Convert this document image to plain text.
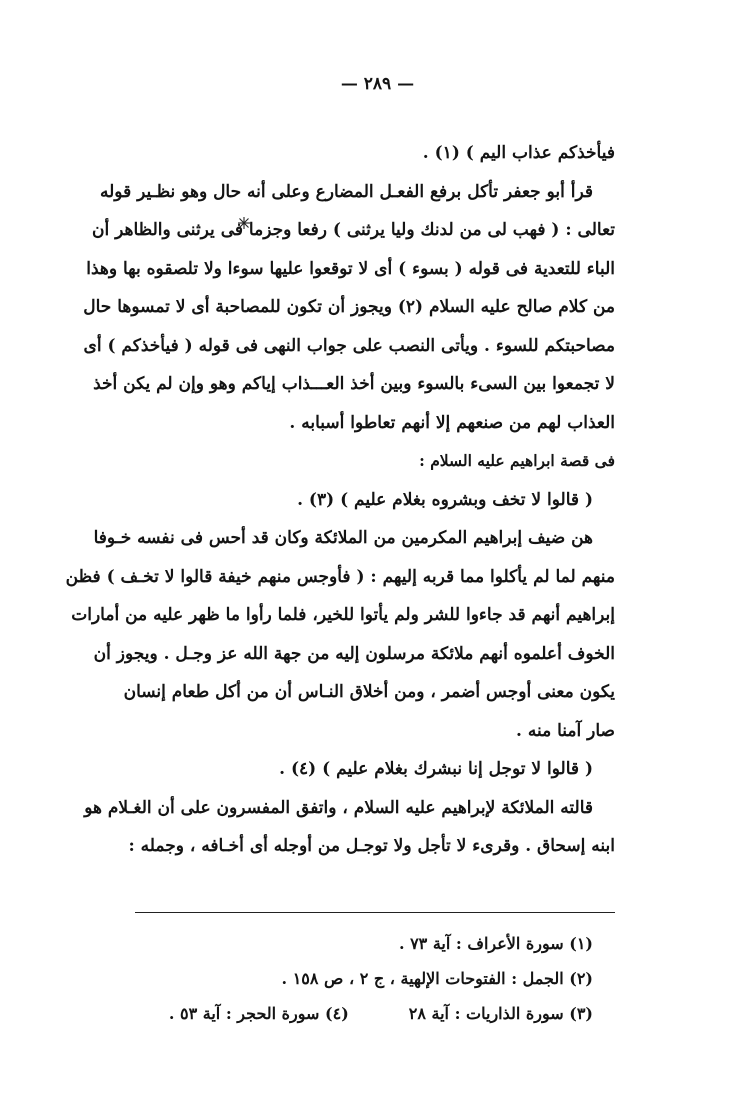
— ٢٨٩ —
فيأخذكم عذاب اليم ) (١) .
قرأ أبو جعفر تأكل برفع الفعـل المضارع وعلى أنه حال وهو نظـير قوله
تعالى : ( فهب لى من لدنك وليا يرثنى ) رفعا وجزما فى يرثنى والظاهر أن
الباء للتعدية فى قوله ( بسوء ) أى لا توقعوا عليها سوءا ولا تلصقوه بها وهذا
من كلام صالح عليه السلام (٢) ويجوز أن تكون للمصاحبة أى لا تمسوها حال
مصاحبتكم للسوء . ويأتى النصب على جواب النهى فى قوله ( فيأخذكم ) أى
لا تجمعوا بين السىء بالسوء وبين أخذ العـــذاب إياكم وهو وإن لم يكن أخذ
العذاب لهم من صنعهم إلا أنهم تعاطوا أسبابه .
فى قصة ابراهيم عليه السلام :
( قالوا لا تخف وبشروه بغلام عليم ) (٣) .
هن ضيف إبراهيم المكرمين من الملائكة وكان قد أحس فى نفسه خـوفا
منهم لما لم يأكلوا مما قربه إليهم : ( فأوجس منهم خيفة قالوا لا تخـف ) فظن
إبراهيم أنهم قد جاءوا للشر ولم يأتوا للخير، فلما رأوا ما ظهر عليه من أمارات
الخوف أعلموه أنهم ملائكة مرسلون إليه من جهة الله عز وجـل . ويجوز أن
يكون معنى أوجس أضمر ، ومن أخلاق النـاس أن من أكل طعام إنسان
صار آمنا منه .
( قالوا لا توجل إنا نبشرك بغلام عليم ) (٤) .
قالته الملائكة لإبراهيم عليه السلام ، واتفق المفسرون على أن الغـلام هو
ابنه إسحاق . وقرىء لا تأجل ولا توجـل من أوجله أى أخـافه ، وجمله :
(١) سورة الأعراف : آية ٧٣ .
(٢) الجمل : الفتوحات الإلهية ، ج ٢ ، ص ١٥٨ .
(٣) سورة الذاريات : آية ٢٨(٤) سورة الحجر : آية ٥٣ .
